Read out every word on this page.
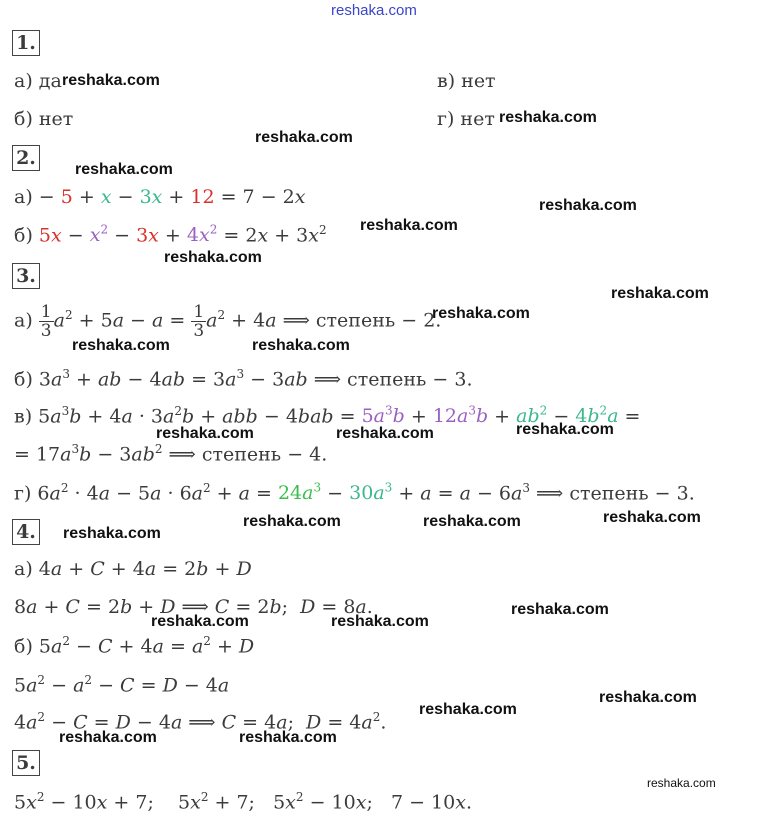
reshaka.com
1.
а) да
б) нет
в) нет
г) нет
2.
а) − 5 + x − 3x + 12 = 7 − 2x
б) $5x - x^2 - 3x + 4x^2 = 2x + 3x^2$
3.
$а) \frac{1}{3} a^2 + 5a - a = \frac{1}{3} a^2 + 4a$ ⟹ степень − 2.
б) $3a^3$ + ab − $4ab = 3a^3 - 3ab$ ⟹ степень − 3.
в) $5a^3b + 4a \cdot 3a^2b$ + abb − $4bab = 5a^3b + 12a^3b + ab^2 - 4b^2a$ =
= $17a^3b - 3ab^2$ ⟹ степень − 4.
г) $6a^2 \cdot 4a - 5a \cdot 6a^2 + a = 24a^3 - 30a^3 + a = a - 6a^3$ ⟹ степень − 3.
4.
а) 4a + C + 4a = 2b + D
8a + C = 2b + D ⟹ C = 2b;  D = 8a.
б) $5a^2 - C + 4a = a^2 + D$
$5a^2 - a^2 - C = D - 4a$
$4a^2 - C = D - 4a$ ⟹ C = 4a;  $D = 4a^2$.
5.
$5x^2 - 10x + 7$;    $5x^2 + 7$;   $5x^2 - 10x$;   7 − 10x.
reshaka.com
reshaka.com
reshaka.com
reshaka.com
reshaka.com
reshaka.com
reshaka.com
reshaka.com
reshaka.com
reshaka.com	reshaka.com
reshaka.com
reshaka.com	reshaka.com
reshaka.com
reshaka.com	reshaka.com
reshaka.com
reshaka.com
reshaka.com	reshaka.com
reshaka.com
reshaka.com
reshaka.com	reshaka.com
reshaka.com
